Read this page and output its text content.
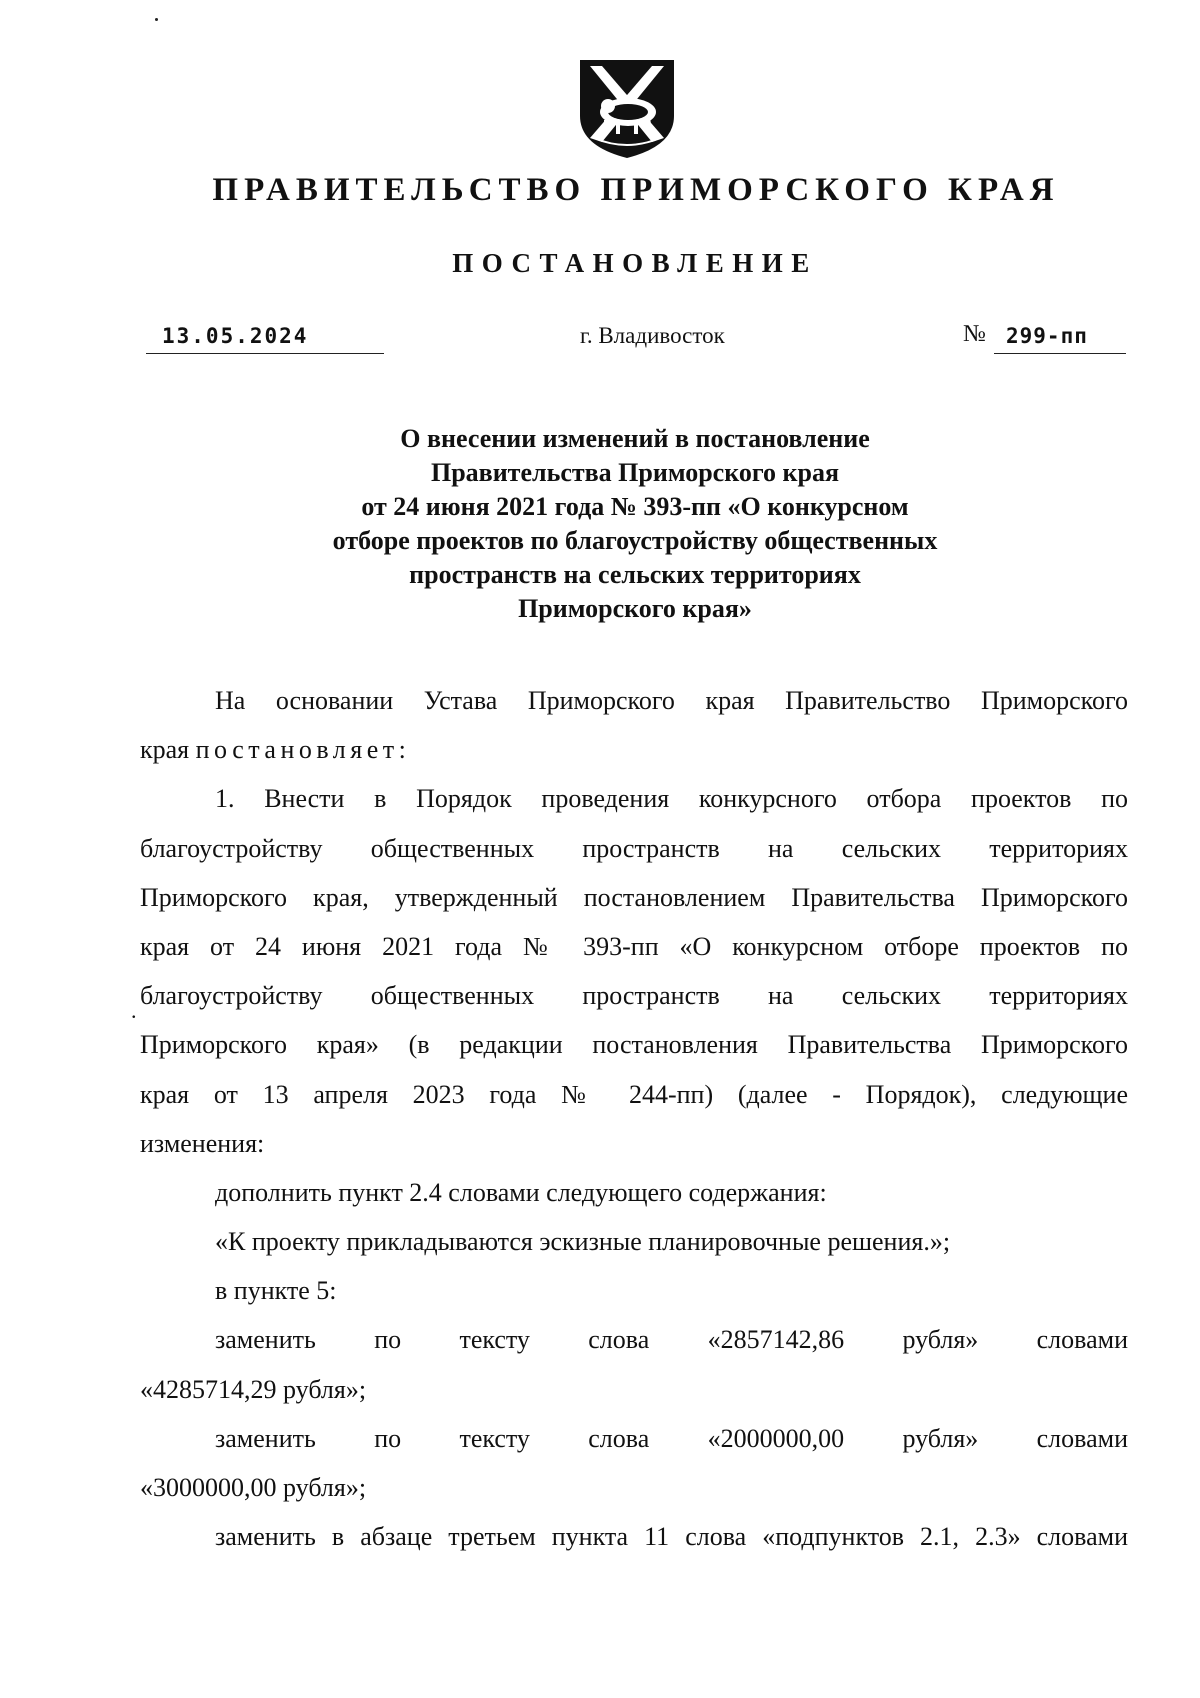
ПРАВИТЕЛЬСТВО ПРИМОРСКОГО КРАЯ
ПОСТАНОВЛЕНИЕ
13.05.2024	г. Владивосток	№ 299-пп
О внесении изменений в постановление
Правительства Приморского края
от 24 июня 2021 года № 393-пп «О конкурсном
отборе проектов по благоустройству общественных
пространств на сельских территориях
Приморского края»
.
На основании Устава Приморского края Правительство Приморского
края постановляет:
1. Внести в Порядок проведения конкурсного отбора проектов по
благоустройству общественных пространств на сельских территориях
Приморского края, утвержденный постановлением Правительства Приморского
края от 24 июня 2021 года № 393-пп «О конкурсном отборе проектов по
благоустройству общественных пространств на сельских территориях
Приморского края» (в редакции постановления Правительства Приморского
края от 13 апреля 2023 года № 244-пп) (далее - Порядок), следующие
изменения:
дополнить пункт 2.4 словами следующего содержания:
«К проекту прикладываются эскизные планировочные решения.»;
в пункте 5:
заменить по тексту слова «2857142,86 рубля» словами
«4285714,29 рубля»;
заменить по тексту слова «2000000,00 рубля» словами
«3000000,00 рубля»;
заменить в абзаце третьем пункта 11 слова «подпунктов 2.1, 2.3» словами
